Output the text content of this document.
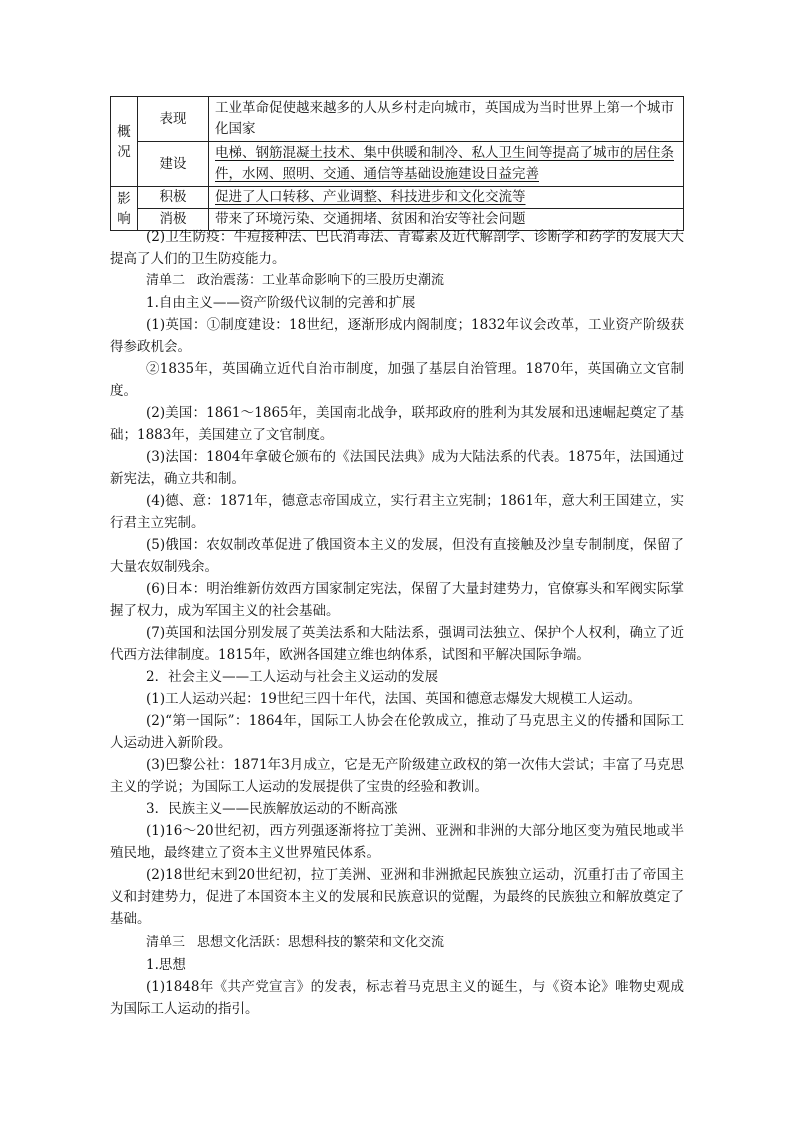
概况	表现	工业革命促使越来越多的人从乡村走向城市，英国成为当时世界上第一个城市化国家
	建设	电梯、钢筋混凝土技术、集中供暖和制冷、私人卫生间等提高了城市的居住条件，水网、照明、交通、通信等基础设施建设日益完善
影响	积极	促进了人口转移、产业调整、科技进步和文化交流等
	消极	带来了环境污染、交通拥堵、贫困和治安等社会问题

(2)卫生防疫：牛痘接种法、巴氏消毒法、青霉素及近代解剖学、诊断学和药学的发展大大提高了人们的卫生防疫能力。

清单二 政治震荡：工业革命影响下的三股历史潮流

1.自由主义——资产阶级代议制的完善和扩展

(1)英国：①制度建设：18世纪，逐渐形成内阁制度；1832年议会改革，工业资产阶级获得参政机会。

②1835年，英国确立近代自治市制度，加强了基层自治管理。1870年，英国确立文官制度。

(2)美国：1861～1865年，美国南北战争，联邦政府的胜利为其发展和迅速崛起奠定了基础；1883年，美国建立了文官制度。

(3)法国：1804年拿破仑颁布的《法国民法典》成为大陆法系的代表。1875年，法国通过新宪法，确立共和制。

(4)德、意：1871年，德意志帝国成立，实行君主立宪制；1861年，意大利王国建立，实行君主立宪制。

(5)俄国：农奴制改革促进了俄国资本主义的发展，但没有直接触及沙皇专制制度，保留了大量农奴制残余。

(6)日本：明治维新仿效西方国家制定宪法，保留了大量封建势力，官僚寡头和军阀实际掌握了权力，成为军国主义的社会基础。

(7)英国和法国分别发展了英美法系和大陆法系，强调司法独立、保护个人权利，确立了近代西方法律制度。1815年，欧洲各国建立维也纳体系，试图和平解决国际争端。

2．社会主义——工人运动与社会主义运动的发展

(1)工人运动兴起：19世纪三四十年代，法国、英国和德意志爆发大规模工人运动。

(2)“第一国际”：1864年，国际工人协会在伦敦成立，推动了马克思主义的传播和国际工人运动进入新阶段。

(3)巴黎公社：1871年3月成立，它是无产阶级建立政权的第一次伟大尝试；丰富了马克思主义的学说；为国际工人运动的发展提供了宝贵的经验和教训。

3．民族主义——民族解放运动的不断高涨

(1)16～20世纪初，西方列强逐渐将拉丁美洲、亚洲和非洲的大部分地区变为殖民地或半殖民地，最终建立了资本主义世界殖民体系。

(2)18世纪末到20世纪初，拉丁美洲、亚洲和非洲掀起民族独立运动，沉重打击了帝国主义和封建势力，促进了本国资本主义的发展和民族意识的觉醒，为最终的民族独立和解放奠定了基础。

清单三 思想文化活跃：思想科技的繁荣和文化交流

1.思想

(1)1848年《共产党宣言》的发表，标志着马克思主义的诞生，与《资本论》唯物史观成为国际工人运动的指引。
